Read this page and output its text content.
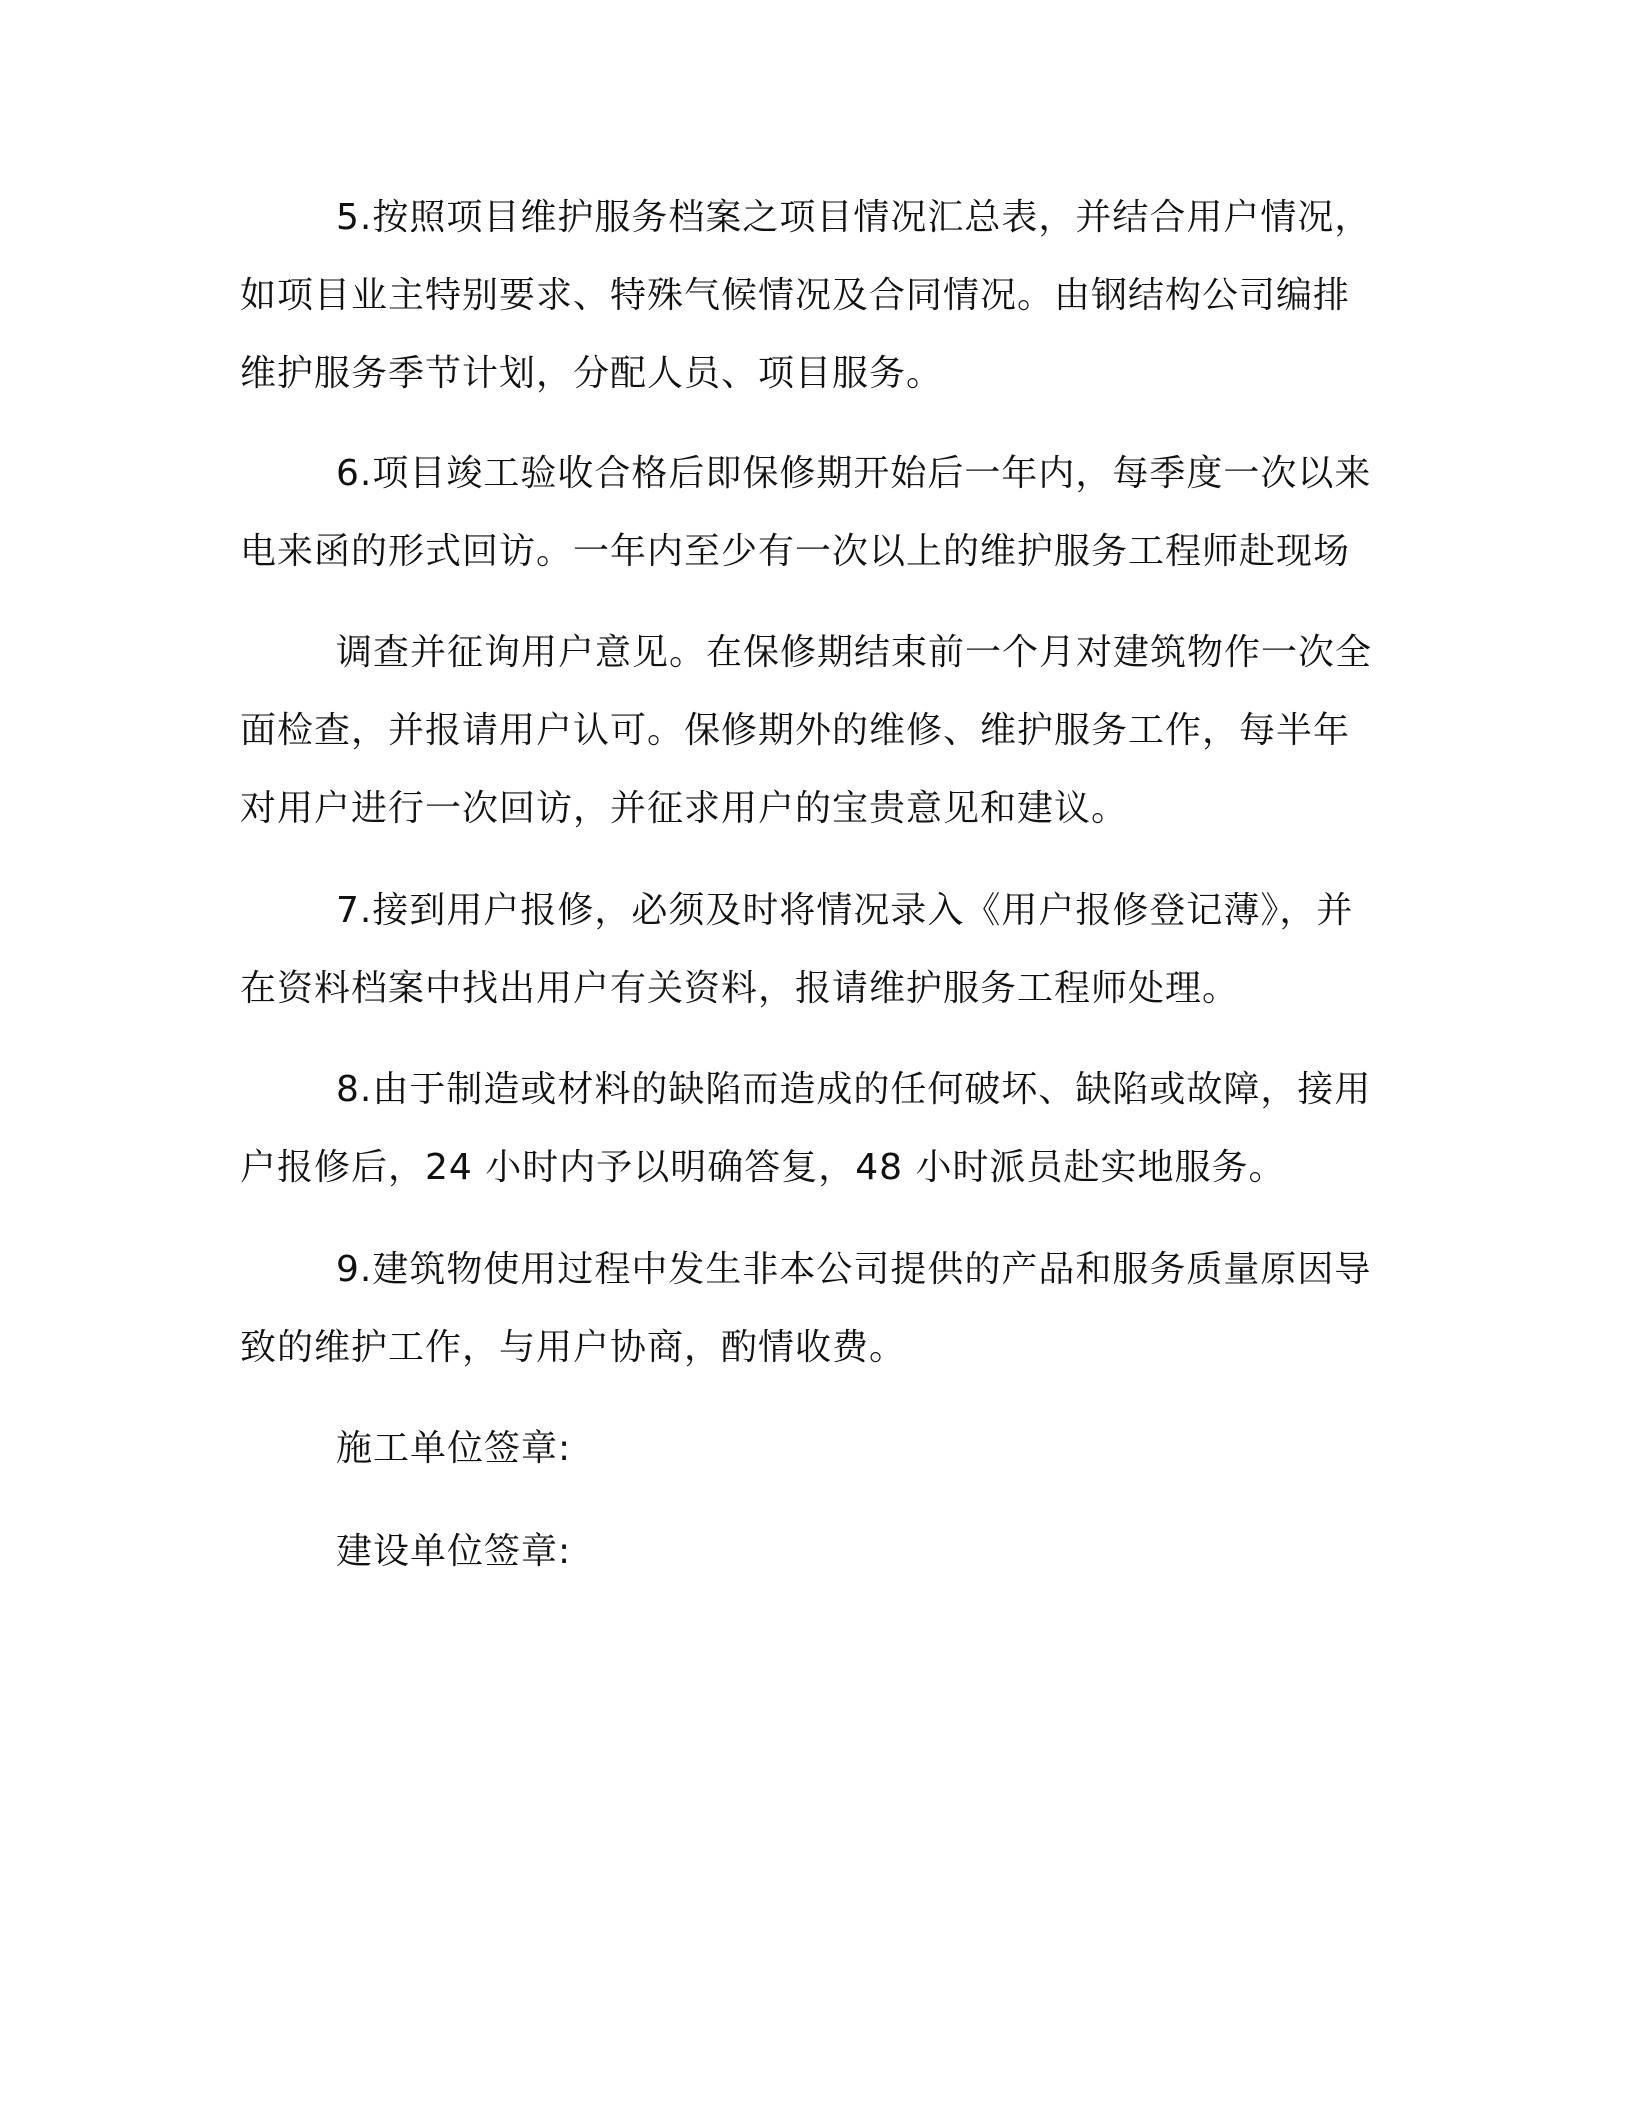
5.按照项目维护服务档案之项目情况汇总表，并结合用户情况，
如项目业主特别要求、特殊气候情况及合同情况。由钢结构公司编排
维护服务季节计划，分配人员、项目服务。
6.项目竣工验收合格后即保修期开始后一年内，每季度一次以来
电来函的形式回访。一年内至少有一次以上的维护服务工程师赴现场
调查并征询用户意见。在保修期结束前一个月对建筑物作一次全
面检查，并报请用户认可。保修期外的维修、维护服务工作，每半年
对用户进行一次回访，并征求用户的宝贵意见和建议。
7.接到用户报修，必须及时将情况录入《用户报修登记薄》，并
在资料档案中找出用户有关资料，报请维护服务工程师处理。
8.由于制造或材料的缺陷而造成的任何破坏、缺陷或故障，接用
户报修后，24 小时内予以明确答复，48 小时派员赴实地服务。
9.建筑物使用过程中发生非本公司提供的产品和服务质量原因导
致的维护工作，与用户协商，酌情收费。
施工单位签章:
建设单位签章:
